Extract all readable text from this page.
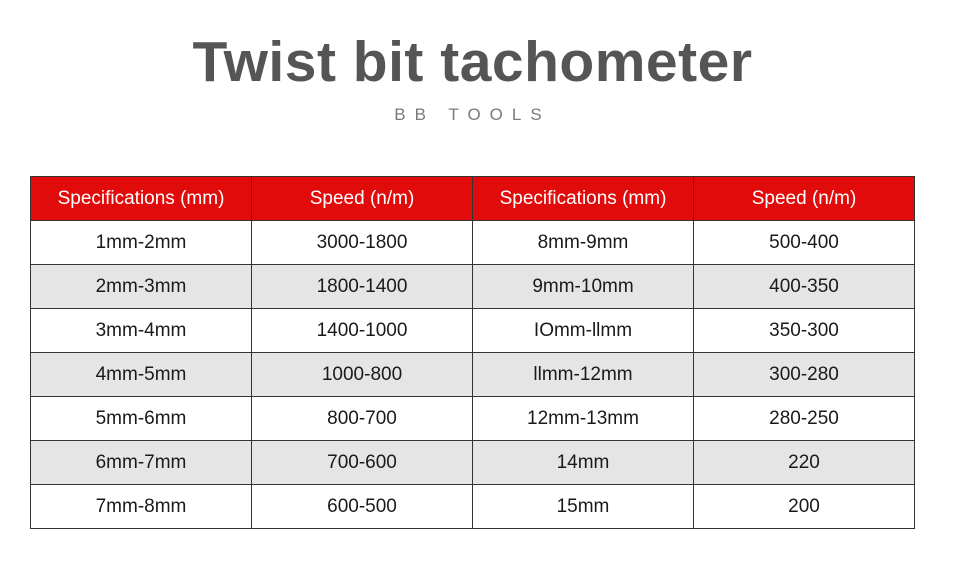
Twist bit tachometer
BB TOOLS
Specifications (mm)	Speed (n/m)	Specifications (mm)	Speed (n/m)
1mm-2mm	3000-1800	8mm-9mm	500-400
2mm-3mm	1800-1400	9mm-10mm	400-350
3mm-4mm	1400-1000	IOmm-llmm	350-300
4mm-5mm	1000-800	llmm-12mm	300-280
5mm-6mm	800-700	12mm-13mm	280-250
6mm-7mm	700-600	14mm	220
7mm-8mm	600-500	15mm	200
